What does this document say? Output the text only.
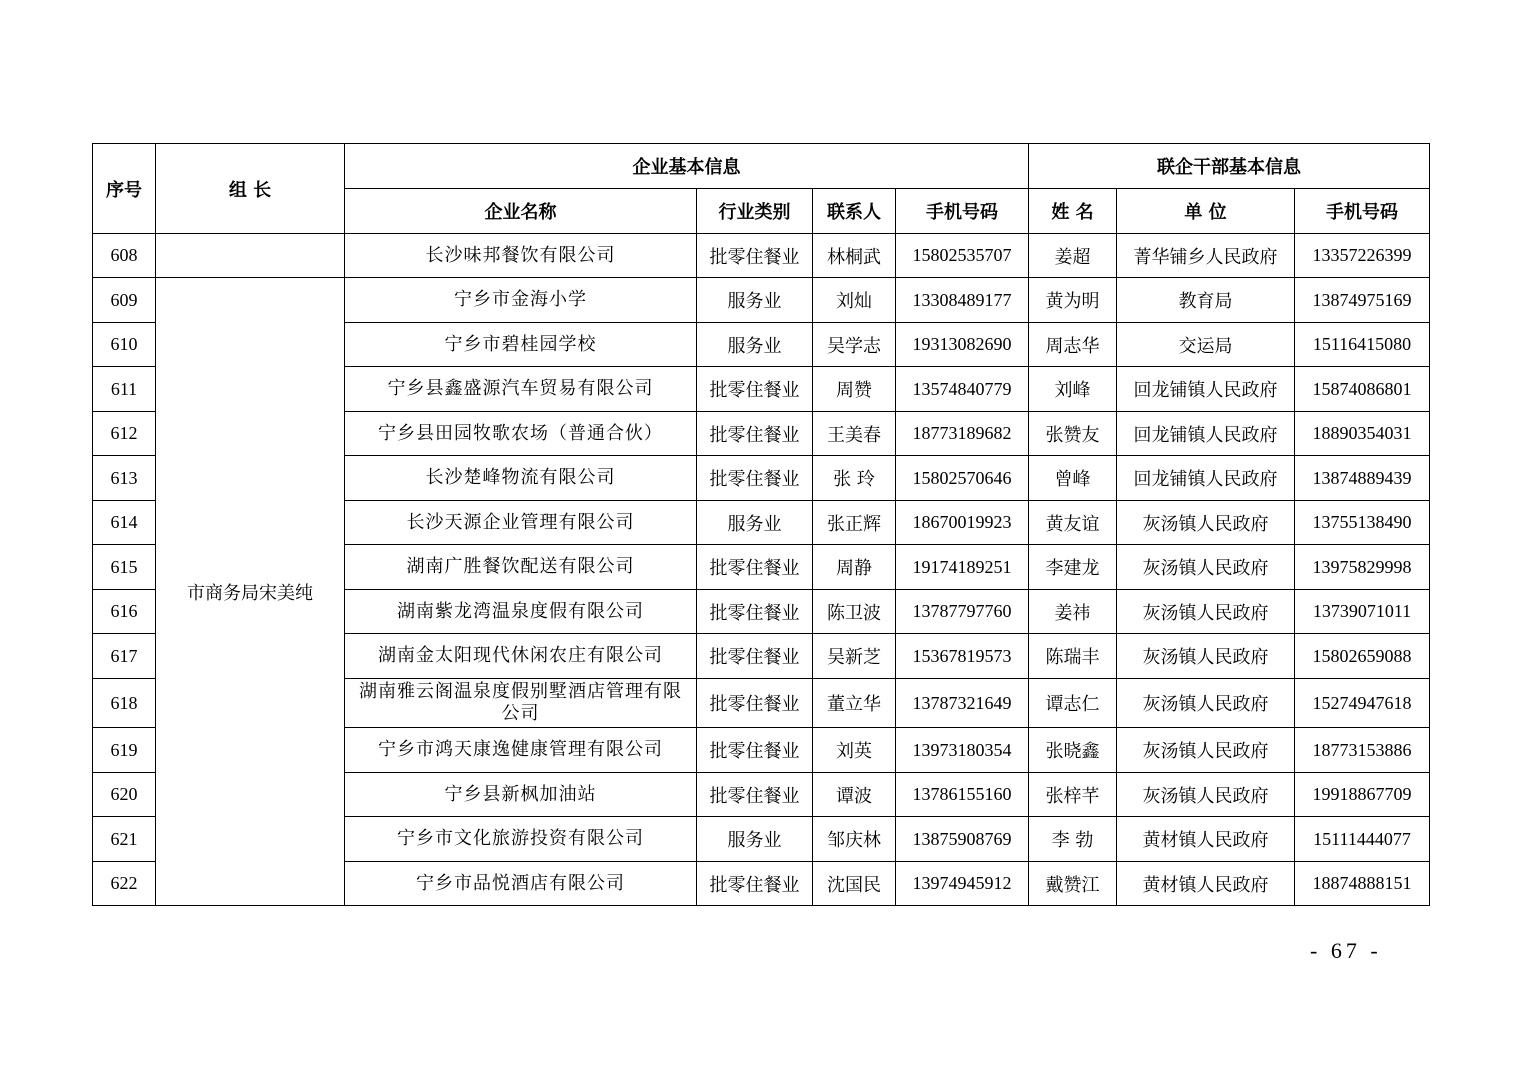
序号	组 长	企业基本信息				联企干部基本信息		
		企业名称	行业类别	联系人	手机号码	姓 名	单 位	手机号码
608		长沙味邦餐饮有限公司	批零住餐业	林桐武	15802535707	姜超	菁华铺乡人民政府	13357226399
609	市商务局宋美纯	宁乡市金海小学	服务业	刘灿	13308489177	黄为明	教育局	13874975169
610		宁乡市碧桂园学校	服务业	吴学志	19313082690	周志华	交运局	15116415080
611		宁乡县鑫盛源汽车贸易有限公司	批零住餐业	周赞	13574840779	刘峰	回龙铺镇人民政府	15874086801
612		宁乡县田园牧歌农场（普通合伙）	批零住餐业	王美春	18773189682	张赞友	回龙铺镇人民政府	18890354031
613		长沙楚峰物流有限公司	批零住餐业	张 玲	15802570646	曾峰	回龙铺镇人民政府	13874889439
614		长沙天源企业管理有限公司	服务业	张正辉	18670019923	黄友谊	灰汤镇人民政府	13755138490
615		湖南广胜餐饮配送有限公司	批零住餐业	周静	19174189251	李建龙	灰汤镇人民政府	13975829998
616		湖南紫龙湾温泉度假有限公司	批零住餐业	陈卫波	13787797760	姜祎	灰汤镇人民政府	13739071011
617		湖南金太阳现代休闲农庄有限公司	批零住餐业	吴新芝	15367819573	陈瑞丰	灰汤镇人民政府	15802659088
618		湖南雅云阁温泉度假别墅酒店管理有限公司	批零住餐业	董立华	13787321649	谭志仁	灰汤镇人民政府	15274947618
619		宁乡市鸿天康逸健康管理有限公司	批零住餐业	刘英	13973180354	张晓鑫	灰汤镇人民政府	18773153886
620		宁乡县新枫加油站	批零住餐业	谭波	13786155160	张梓芊	灰汤镇人民政府	19918867709
621		宁乡市文化旅游投资有限公司	服务业	邹庆林	13875908769	李 勃	黄材镇人民政府	15111444077
622		宁乡市品悦酒店有限公司	批零住餐业	沈国民	13974945912	戴赞江	黄材镇人民政府	18874888151
- 67 -
